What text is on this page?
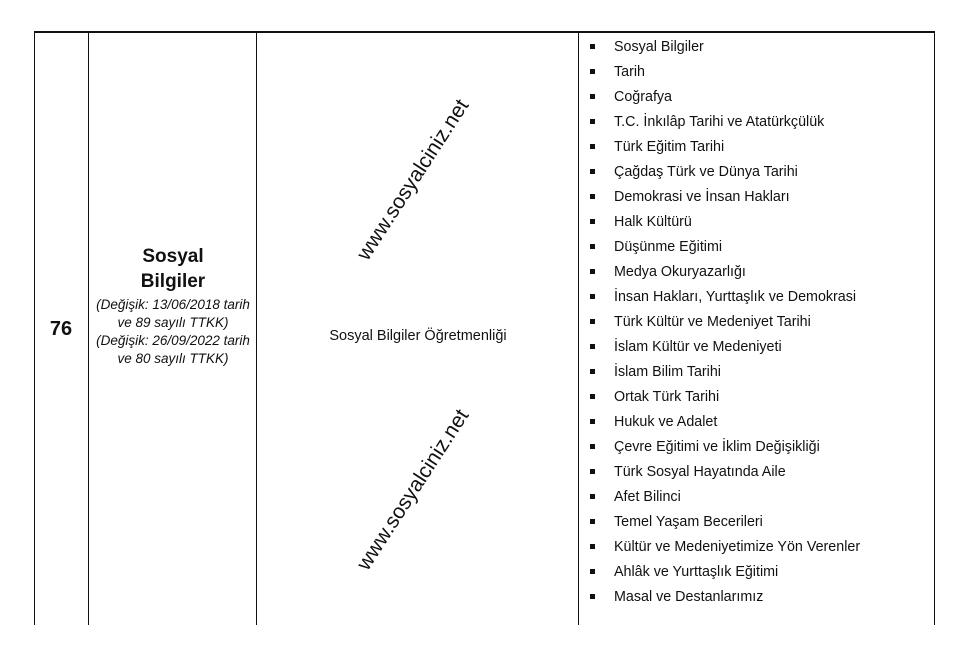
76
Sosyal
Bilgiler
(Değişik: 13/06/2018 tarih ve 89 sayılı TTKK)
(Değişik: 26/09/2022 tarih ve 80 sayılı TTKK)
Sosyal Bilgiler Öğretmenliği
Sosyal Bilgiler
Tarih
Coğrafya
T.C. İnkılâp Tarihi ve Atatürkçülük
Türk Eğitim Tarihi
Çağdaş Türk ve Dünya Tarihi
Demokrasi ve İnsan Hakları
Halk Kültürü
Düşünme Eğitimi
Medya Okuryazarlığı
İnsan Hakları, Yurttaşlık ve Demokrasi
Türk Kültür ve Medeniyet Tarihi
İslam Kültür ve Medeniyeti
İslam Bilim Tarihi
Ortak Türk Tarihi
Hukuk ve Adalet
Çevre Eğitimi ve İklim Değişikliği
Türk Sosyal Hayatında Aile
Afet Bilinci
Temel Yaşam Becerileri
Kültür ve Medeniyetimize Yön Verenler
Ahlâk ve Yurttaşlık Eğitimi
Masal ve Destanlarımız
www.sosyalciniz.net
www.sosyalciniz.net
